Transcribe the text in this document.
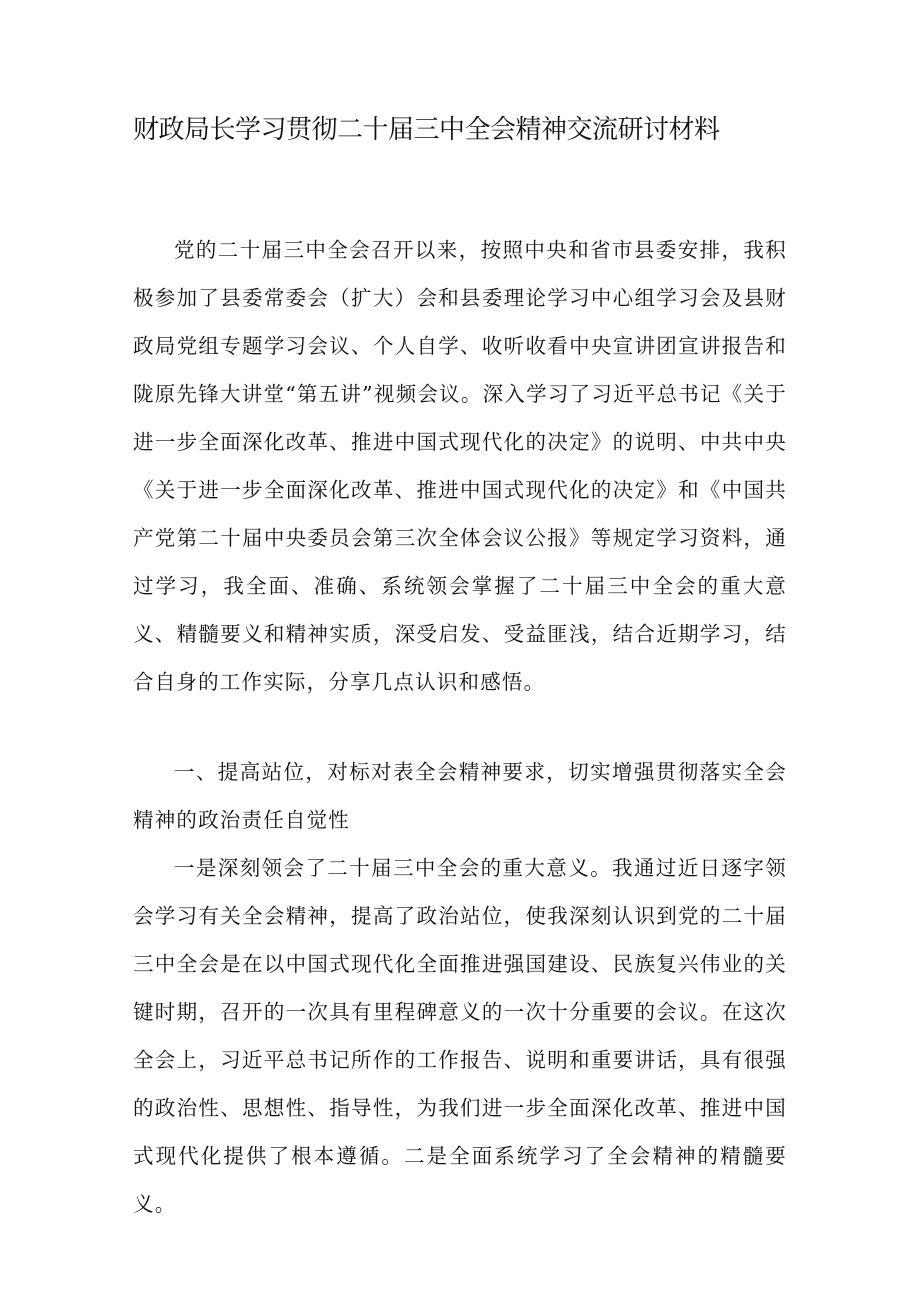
财政局长学习贯彻二十届三中全会精神交流研讨材料

党的二十届三中全会召开以来，按照中央和省市县委安排，我积极参加了县委常委会（扩大）会和县委理论学习中心组学习会及县财政局党组专题学习会议、个人自学、收听收看中央宣讲团宣讲报告和陇原先锋大讲堂“第五讲”视频会议。深入学习了习近平总书记《关于进一步全面深化改革、推进中国式现代化的决定》的说明、中共中央《关于进一步全面深化改革、推进中国式现代化的决定》和《中国共产党第二十届中央委员会第三次全体会议公报》等规定学习资料，通过学习，我全面、准确、系统领会掌握了二十届三中全会的重大意义、精髓要义和精神实质，深受启发、受益匪浅，结合近期学习，结合自身的工作实际，分享几点认识和感悟。

一、提高站位，对标对表全会精神要求，切实增强贯彻落实全会精神的政治责任自觉性

一是深刻领会了二十届三中全会的重大意义。我通过近日逐字领会学习有关全会精神，提高了政治站位，使我深刻认识到党的二十届三中全会是在以中国式现代化全面推进强国建设、民族复兴伟业的关键时期，召开的一次具有里程碑意义的一次十分重要的会议。在这次全会上，习近平总书记所作的工作报告、说明和重要讲话，具有很强的政治性、思想性、指导性，为我们进一步全面深化改革、推进中国式现代化提供了根本遵循。二是全面系统学习了全会精神的精髓要义。
